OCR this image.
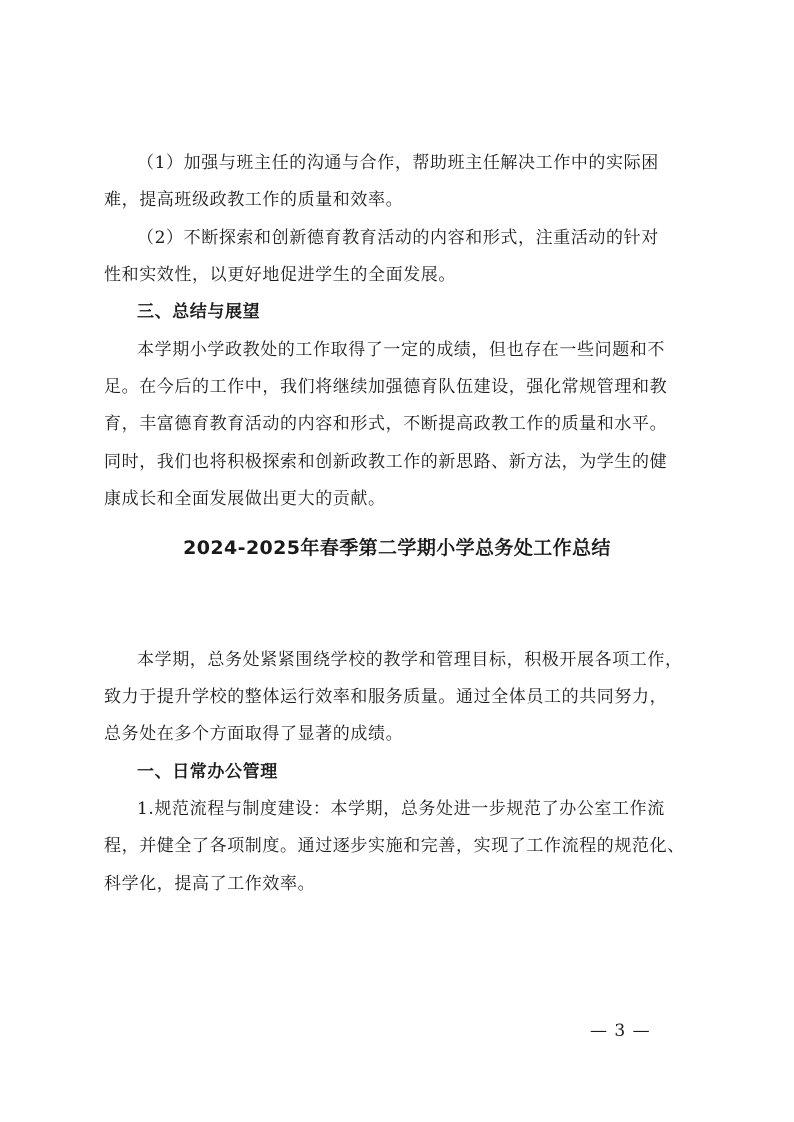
（1）加强与班主任的沟通与合作，帮助班主任解决工作中的实际困
难，提高班级政教工作的质量和效率。
（2）不断探索和创新德育教育活动的内容和形式，注重活动的针对
性和实效性，以更好地促进学生的全面发展。
三、总结与展望
本学期小学政教处的工作取得了一定的成绩，但也存在一些问题和不
足。在今后的工作中，我们将继续加强德育队伍建设，强化常规管理和教
育，丰富德育教育活动的内容和形式，不断提高政教工作的质量和水平。
同时，我们也将积极探索和创新政教工作的新思路、新方法，为学生的健
康成长和全面发展做出更大的贡献。
2024-2025年春季第二学期小学总务处工作总结
本学期，总务处紧紧围绕学校的教学和管理目标，积极开展各项工作，
致力于提升学校的整体运行效率和服务质量。通过全体员工的共同努力，
总务处在多个方面取得了显著的成绩。
一、日常办公管理
1.规范流程与制度建设：本学期，总务处进一步规范了办公室工作流
程，并健全了各项制度。通过逐步实施和完善，实现了工作流程的规范化、
科学化，提高了工作效率。
— 3 —
